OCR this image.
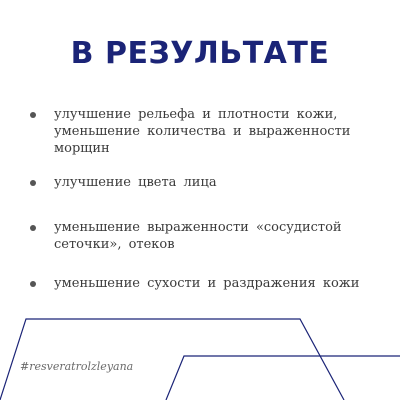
В РЕЗУЛЬТАТЕ
улучшение рельефа и плотности кожи, уменьшение количества и выраженности морщин
улучшение цвета лица
уменьшение выраженности «сосудистой сеточки», отеков
уменьшение сухости и раздражения кожи
#resveratrolzleyana
